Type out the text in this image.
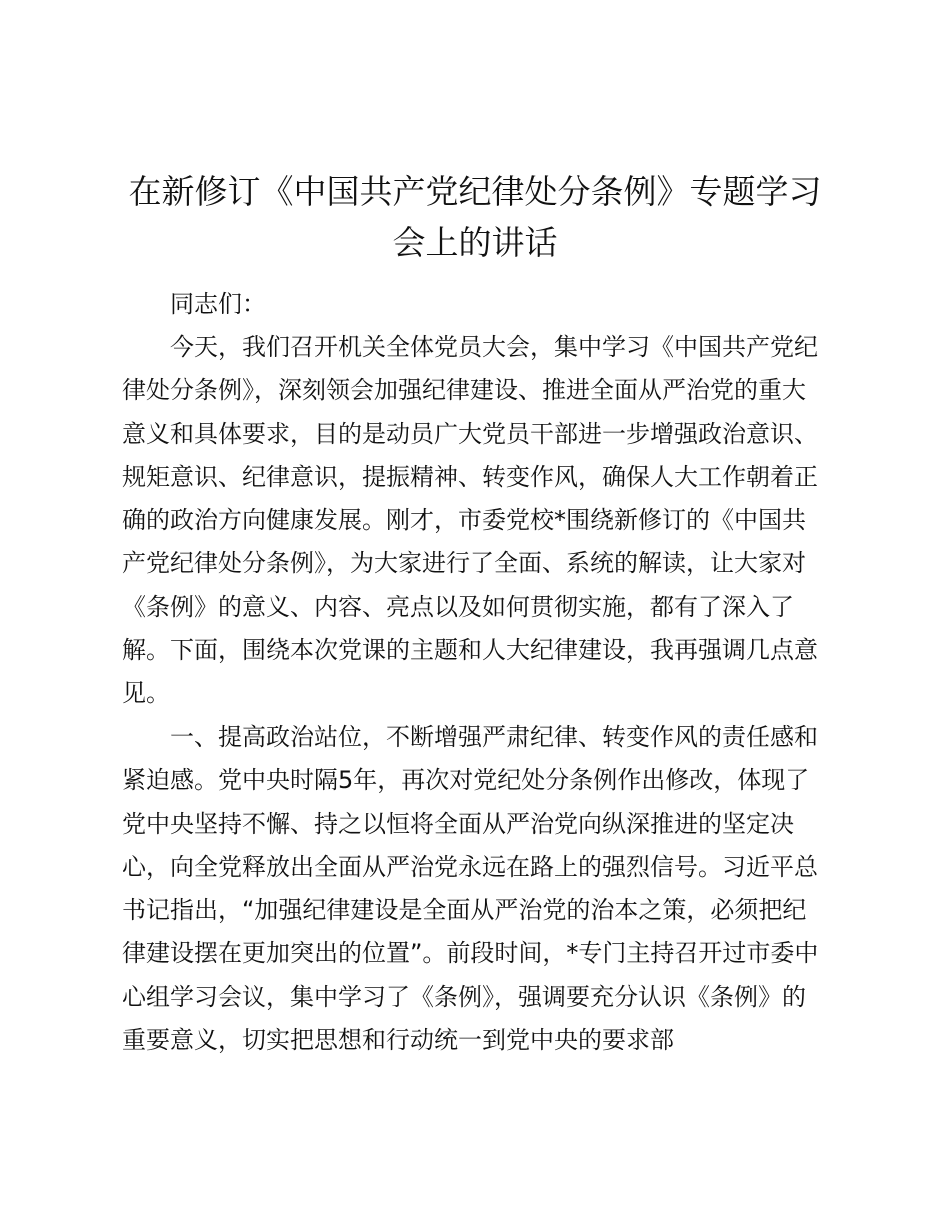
在新修订《中国共产党纪律处分条例》专题学习会上的讲话

同志们：

今天，我们召开机关全体党员大会，集中学习《中国共产党纪律处分条例》，深刻领会加强纪律建设、推进全面从严治党的重大意义和具体要求，目的是动员广大党员干部进一步增强政治意识、规矩意识、纪律意识，提振精神、转变作风，确保人大工作朝着正确的政治方向健康发展。刚才，市委党校*围绕新修订的《中国共产党纪律处分条例》，为大家进行了全面、系统的解读，让大家对《条例》的意义、内容、亮点以及如何贯彻实施，都有了深入了解。下面，围绕本次党课的主题和人大纪律建设，我再强调几点意见。

一、提高政治站位，不断增强严肃纪律、转变作风的责任感和紧迫感。党中央时隔5年，再次对党纪处分条例作出修改，体现了党中央坚持不懈、持之以恒将全面从严治党向纵深推进的坚定决心，向全党释放出全面从严治党永远在路上的强烈信号。习近平总书记指出，“加强纪律建设是全面从严治党的治本之策，必须把纪律建设摆在更加突出的位置”。前段时间，*专门主持召开过市委中心组学习会议，集中学习了《条例》，强调要充分认识《条例》的重要意义，切实把思想和行动统一到党中央的要求部
